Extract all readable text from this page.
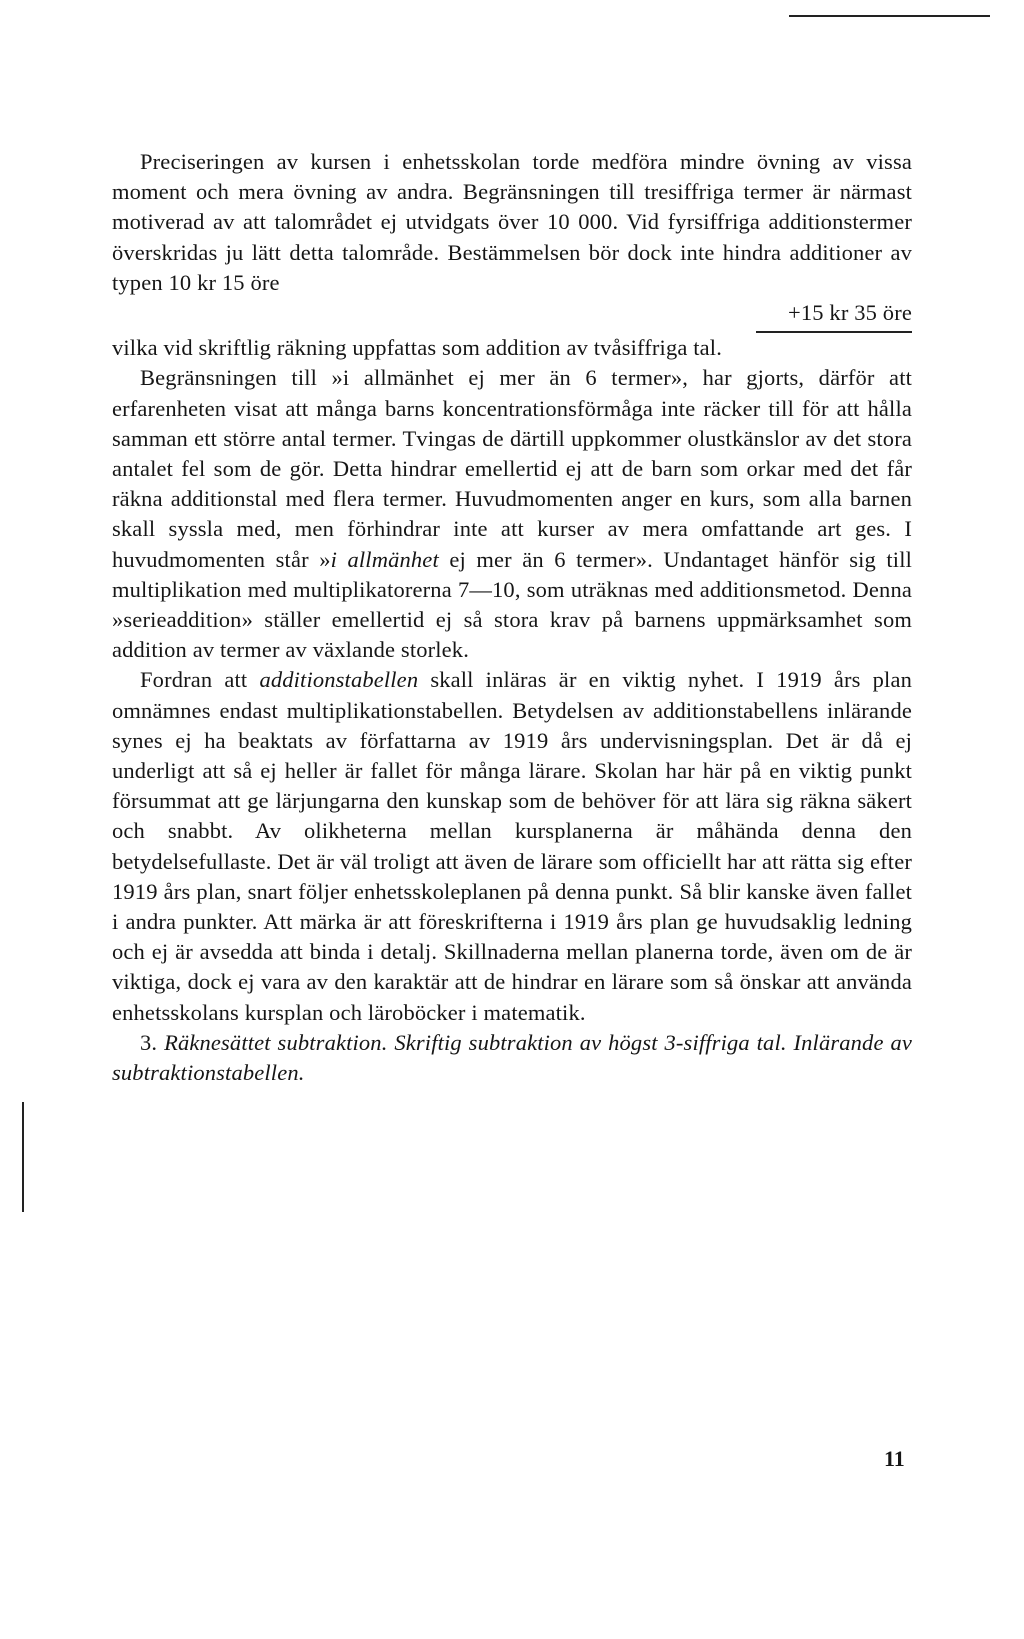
Preciseringen av kursen i enhetsskolan torde medföra mindre övning av vissa moment och mera övning av andra. Begränsningen till tresiffriga termer är närmast motiverad av att talområdet ej utvidgats över 10 000. Vid fyrsiffriga additionstermer överskridas ju lätt detta talområde. Bestämmelsen bör dock inte hindra additioner av typen 10 kr 15 öre

+15 kr 35 öre

vilka vid skriftlig räkning uppfattas som addition av tvåsiffriga tal.

Begränsningen till »i allmänhet ej mer än 6 termer», har gjorts, därför att erfarenheten visat att många barns koncentrationsförmåga inte räcker till för att hålla samman ett större antal termer. Tvingas de därtill uppkommer olustkänslor av det stora antalet fel som de gör. Detta hindrar emellertid ej att de barn som orkar med det får räkna additionstal med flera termer. Huvudmomenten anger en kurs, som alla barnen skall syssla med, men förhindrar inte att kurser av mera omfattande art ges. I huvudmomenten står »i allmänhet ej mer än 6 termer». Undantaget hänför sig till multiplikation med multiplikatorerna 7—10, som uträknas med additionsmetod. Denna »serieaddition» ställer emellertid ej så stora krav på barnens uppmärksamhet som addition av termer av växlande storlek.

Fordran att additionstabellen skall inläras är en viktig nyhet. I 1919 års plan omnämnes endast multiplikationstabellen. Betydelsen av additionstabellens inlärande synes ej ha beaktats av författarna av 1919 års undervisningsplan. Det är då ej underligt att så ej heller är fallet för många lärare. Skolan har här på en viktig punkt försummat att ge lärjungarna den kunskap som de behöver för att lära sig räkna säkert och snabbt. Av olikheterna mellan kursplanerna är måhända denna den betydelsefullaste. Det är väl troligt att även de lärare som officiellt har att rätta sig efter 1919 års plan, snart följer enhetsskoleplanen på denna punkt. Så blir kanske även fallet i andra punkter. Att märka är att föreskrifterna i 1919 års plan ge huvudsaklig ledning och ej är avsedda att binda i detalj. Skillnaderna mellan planerna torde, även om de är viktiga, dock ej vara av den karaktär att de hindrar en lärare som så önskar att använda enhetsskolans kursplan och läroböcker i matematik.

3. Räknesättet subtraktion. Skriftig subtraktion av högst 3-siffriga tal. Inlärande av subtraktionstabellen.

11
